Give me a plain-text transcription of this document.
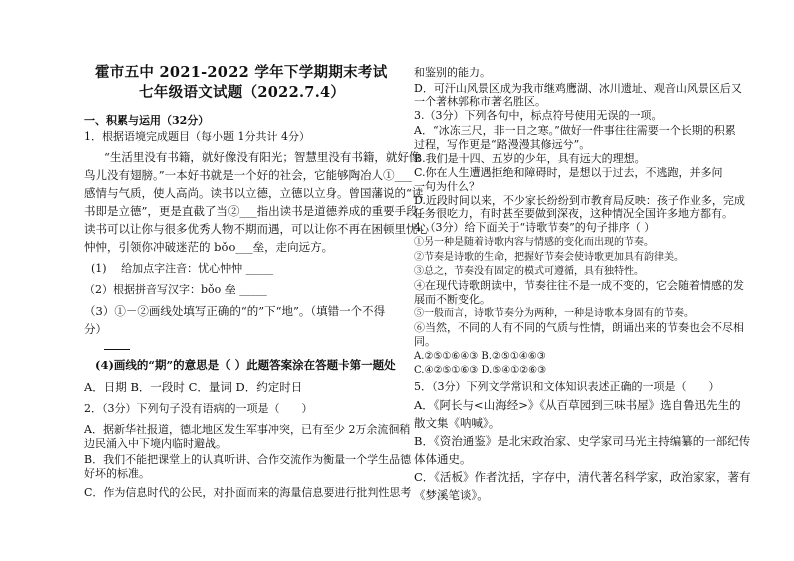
霍市五中 2021-2022 学年下学期期末考试
七年级语文试题（2022.7.4）
一、积累与运用（32分）
1．根据语境完成题目（每小题 1分共计 4分）
“生活里没有书籍，就好像没有阳光；智慧里没有书籍，就好像
鸟儿没有翅膀。”一本好书就是一个好的社会，它能够陶冶人①___
感情与气质，使人高尚。读书以立德，立德以立身。曾国藩说的“读
书即是立德”，更是直截了当②___指出读书是道德养成的重要手段。
读书可以让你与很多优秀人物不期而遇，可以让你不再在困顿里忧心
忡忡，引领你冲破迷茫的 bǒo___垒，走向远方。
(1)　 给加点字注音：忧心忡忡 _____
（2）根据拼音写汉字：bǒo 垒 _____
（3）①－②画线处填写正确的“的”下“地”。（填错一个不得
分）
(4)画线的“期”的意思是（ ）此题答案涂在答题卡第一题处
A．日期 B．一段时 C．量词 D．约定时日
2．（3分）下列句子没有语病的一项是（　　）
A．据新华社报道，德北地区发生军事冲突，已有至少 2万余流徊稍
边民涌入中下境内临时避战。
B．我们不能把课堂上的认真听讲、合作交流作为衡量一个学生品德
好坏的标准。
C．作为信息时代的公民，对扑面而来的海量信息要进行批判性思考
和鉴别的能力。
D．可汗山风景区成为我市继鸡鹰湖、冰川遗址、观音山风景区后又
一个著林郭称市著名胜区。
3.（3分）下列各句中，标点符号使用无误的一项。
A．“冰冻三尺，非一日之寒。”做好一件事往往需要一个长期的积累
过程，写作更是“路漫漫其修远兮”。
B.我们是十四、五岁的少年，具有远大的理想。
C.你在人生遭遇拒绝和障碍时，是想以于过去，不逃跑，并多问
一句为什么？
D.近段时间以来，不少家长纷纷到市教育局反映：孩子作业多，完成
任务很吃力，有时甚至要做到深夜，这种情况全国许多地方都有。
4.（3分）给下面关于“诗歌节奏”的句子排序（ ）
①另一种是随着诗歌内容与情感的变化而出现的节奏。
②节奏是诗歌的生命，把握好节奏会使诗歌更加具有韵律美。
③总之，节奏没有固定的模式可遵循，具有独特性。
④在现代诗歌朗读中，节奏往往不是一成不变的，它会随着情感的发
展而不断变化。
⑤一般而言，诗歌节奏分为两种，一种是诗歌本身固有的节奏。
⑥当然，不同的人有不同的气质与性情，朗诵出来的节奏也会不尽相
同。
A.②⑤①⑥④③ B.②⑤①④⑥③
C.④②⑤①⑥③ D.⑤④①②⑥③
5．（3分）下列文学常识和文体知识表述正确的一项是（　　）
A．《阿长与<山海经>》《从百草园到三味书屋》选自鲁迅先生的
散文集《呐喊》。
B．《资治通鉴》是北宋政治家、史学家司马光主持编纂的一部纪传
体体通史。
C．《活板》作者沈括，字存中，清代著名科学家，政治家家，著有
《梦溪笔谈》。
